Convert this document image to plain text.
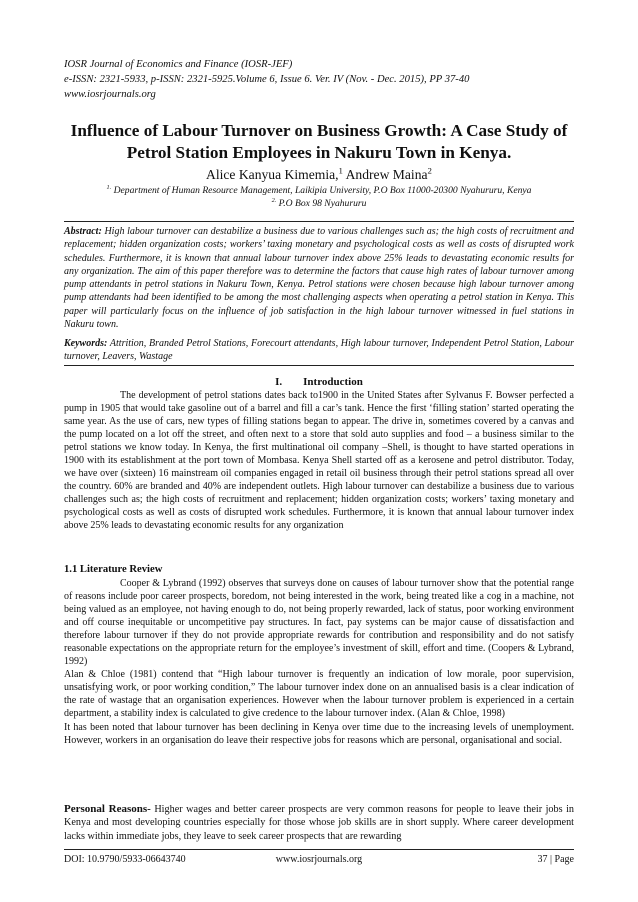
IOSR Journal of Economics and Finance (IOSR-JEF)
e-ISSN: 2321-5933, p-ISSN: 2321-5925.Volume 6, Issue 6. Ver. IV (Nov. - Dec. 2015), PP 37-40
www.iosrjournals.org
Influence of Labour Turnover on Business Growth: A Case Study of Petrol Station Employees in Nakuru Town in Kenya.
Alice Kanyua Kimemia,$^1$ Andrew Maina$^2$
$^{1.}$ Department of Human Resource Management, Laikipia University, P.O Box 11000-20300 Nyahururu, Kenya
$^{2.}$ P.O Box 98 Nyahururu
Abstract: High labour turnover can destabilize a business due to various challenges such as; the high costs of recruitment and replacement; hidden organization costs; workers’ taxing monetary and psychological costs as well as costs of disrupted work schedules. Furthermore, it is known that annual labour turnover index above 25% leads to devastating economic results for any organization. The aim of this paper therefore was to determine the factors that cause high rates of labour turnover among pump attendants in petrol stations in Nakuru Town, Kenya. Petrol stations were chosen because high labour turnover among pump attendants had been identified to be among the most challenging aspects when operating a petrol station in Kenya. This paper will particularly focus on the influence of job satisfaction in the high labour turnover witnessed in fuel stations in Nakuru town.
Keywords: Attrition, Branded Petrol Stations, Forecourt attendants, High labour turnover, Independent Petrol Station, Labour turnover, Leavers, Wastage
I. Introduction

The development of petrol stations dates back to1900 in the United States after Sylvanus F. Bowser perfected a pump in 1905 that would take gasoline out of a barrel and fill a car’s tank. Hence the first ‘filling station’ started operating the same year. As the use of cars, new types of filling stations began to appear. The drive in, sometimes covered by a canvas and the pump located on a lot off the street, and often next to a store that sold auto supplies and food – a business similar to the petrol stations we know today. In Kenya, the first multinational oil company –Shell, is thought to have started operations in 1900 with its establishment at the port town of Mombasa. Kenya Shell started off as a kerosene and petrol distributor. Today, we have over (sixteen) 16 mainstream oil companies engaged in retail oil business through their petrol stations spread all over the country. 60% are branded and 40% are independent outlets. High labour turnover can destabilize a business due to various challenges such as; the high costs of recruitment and replacement; hidden organization costs; workers’ taxing monetary and psychological costs as well as costs of disrupted work schedules. Furthermore, it is known that annual labour turnover index above 25% leads to devastating economic results for any organization

1.1 Literature Review

Cooper & Lybrand (1992) observes that surveys done on causes of labour turnover show that the potential range of reasons include poor career prospects, boredom, not being interested in the work, being treated like a cog in a machine, not being valued as an employee, not having enough to do, not being properly rewarded, lack of status, poor working environment and off course inequitable or uncompetitive pay structures. In fact, pay systems can be major cause of dissatisfaction and therefore labour turnover if they do not provide appropriate rewards for contribution and responsibility and do not satisfy reasonable expectations on the appropriate return for the employee’s investment of skill, effort and time. (Coopers & Lybrand, 1992)

Alan & Chloe (1981) contend that “High labour turnover is frequently an indication of low morale, poor supervision, unsatisfying work, or poor working condition,” The labour turnover index done on an annualised basis is a clear indication of the rate of wastage that an organisation experiences. However when the labour turnover problem is experienced in a certain department, a stability index is calculated to give credence to the labour turnover index. (Alan & Chloe, 1998)

It has been noted that labour turnover has been declining in Kenya over time due to the increasing levels of unemployment. However, workers in an organisation do leave their respective jobs for reasons which are personal, organisational and social.

Personal Reasons- Higher wages and better career prospects are very common reasons for people to leave their jobs in Kenya and most developing countries especially for those whose job skills are in short supply. Where career development lacks within immediate jobs, they leave to seek career prospects that are rewarding
DOI: 10.9790/5933-06643740	www.iosrjournals.org	37 | Page
